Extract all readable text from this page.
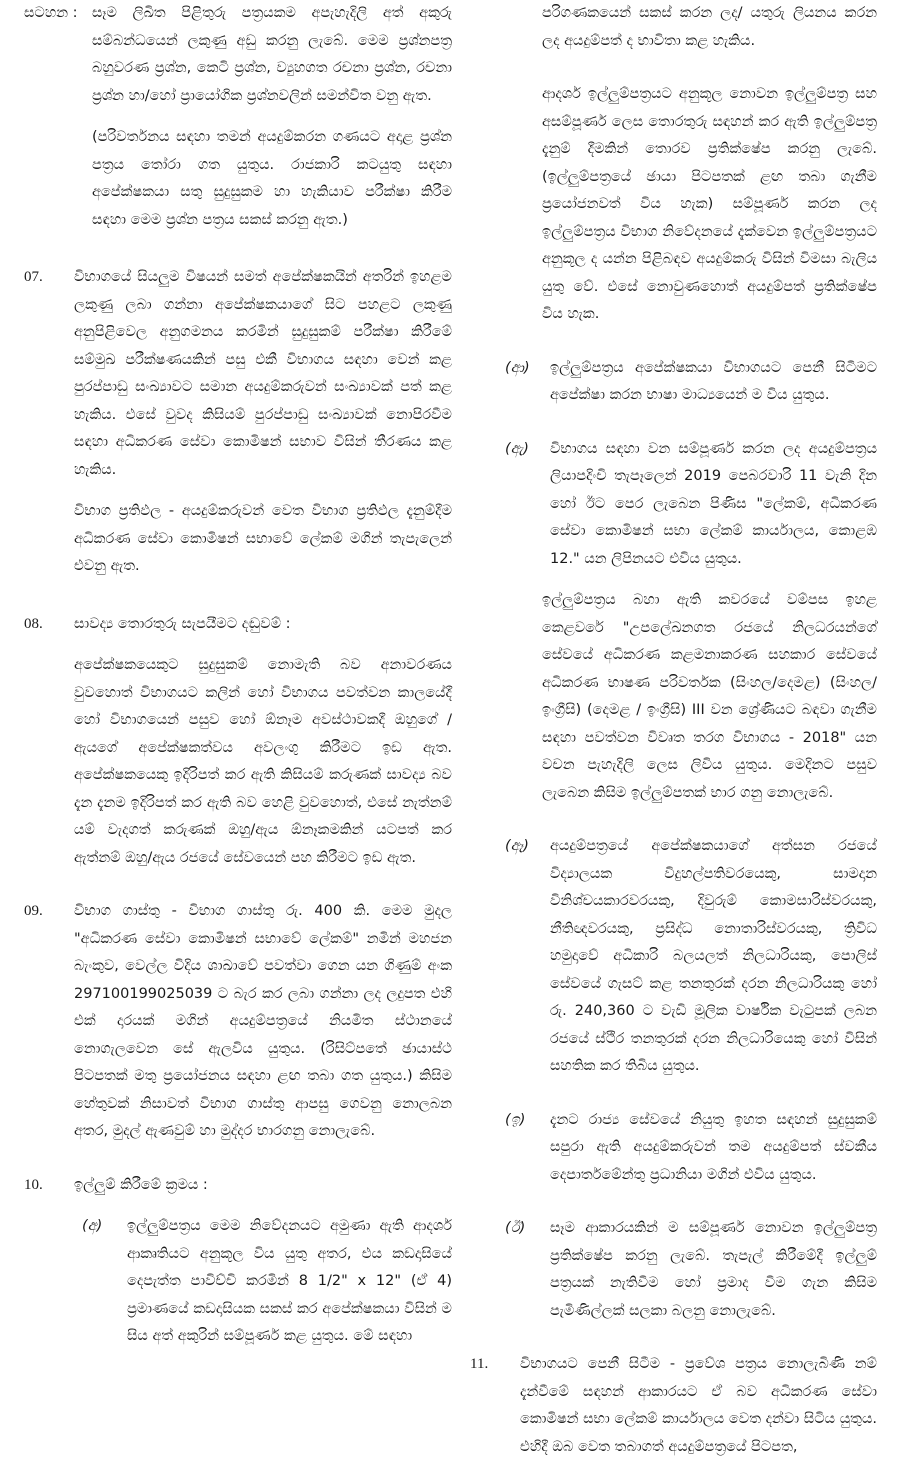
සටහන : සෑම ලිඛිත පිළිතුරු පත්‍රයකම අපැහැදිලි අත් අකුරු සම්බන්ධයෙන් ලකුණු අඩු කරනු ලැබේ. මෙම ප්‍රශ්නපත්‍ර බහුවරණ ප්‍රශ්න, කෙටි ප්‍රශ්න, ව්‍යුහගත රචනා ප්‍රශ්න, රචනා ප්‍රශ්න හා/හෝ ප්‍රායෝගික ප්‍රශ්නවලින් සමන්විත වනු ඇත.

(පරිවර්තනය සඳහා තමන් අයදුම්කරන ගණයට අදාළ ප්‍රශ්න පත්‍රය තෝරා ගත යුතුය. රාජකාරි කටයුතු සඳහා අපේක්ෂකයා සතු සුදුසුකම හා හැකියාව පරීක්ෂා කිරීම සඳහා මෙම ප්‍රශ්න පත්‍රය සකස් කරනු ඇත.)

07.	විභාගයේ සියලුම විෂයන් සමත් අපේක්ෂකයින් අතරින් ඉහළම ලකුණු ලබා ගන්නා අපේක්ෂකයාගේ සිට පහළට ලකුණු අනුපිළිවෙල අනුගමනය කරමින් සුදුසුකම් පරීක්ෂා කිරීමේ සම්මුඛ පරීක්ෂණයකින් පසු එකී විභාගය සඳහා වෙන් කළ පුරප්පාඩු සංඛ්‍යාවට සමාන අයදුම්කරුවන් සංඛ්‍යාවක් පත් කළ හැකිය. එසේ වුවද කිසියම් පුරප්පාඩු සංඛ්‍යාවක් නොපිරවීම සඳහා අධිකරණ සේවා කොමිෂන් සභාව විසින් තීරණය කළ හැකිය.

විභාග ප්‍රතිඵල - අයදුම්කරුවන් වෙත විභාග ප්‍රතිඵල දැනුම්දීම අධිකරණ සේවා කොමිෂන් සභාවේ ලේකම් මගින් තැපැලෙන් එවනු ඇත.

08.	සාවද්‍ය තොරතුරු සැපයීමට දඬුවම් :

අපේක්ෂකයෙකුට සුදුසුකම් නොමැති බව අනාවරණය වුවහොත් විභාගයට කලින් හෝ විභාගය පවත්වන කාලයේදී හෝ විභාගයෙන් පසුව හෝ ඕනෑම අවස්ථාවකදී ඔහුගේ /ඇයගේ අපේක්ෂකත්වය අවලංගු කිරීමට ඉඩ ඇත. අපේක්ෂකයෙකු ඉදිරිපත් කර ඇති කිසියම් කරුණක් සාවද්‍ය බව දැන දැනම ඉදිරිපත් කර ඇති බව හෙළි වුවහොත්, එසේ නැත්නම් යම් වැදගත් කරුණක් ඔහු/ඇය ඕනෑකමකින් යටපත් කර ඇත්නම් ඔහු/ඇය රජයේ සේවයෙන් පහ කිරීමට ඉඩ ඇත.

09.	විභාග ගාස්තු - විභාග ගාස්තු රු. 400 කි. මෙම මුදල "අධිකරණ සේවා කොමිෂන් සභාවේ ලේකම්" නමින් මහජන බැංකුව, වෙල්ල විදිය ශාඛාවේ පවත්වා ගෙන යන ගිණුම් අංක 297100199025039 ට බැර කර ලබා ගන්නා ලද ලදුපත එහි එක් දාරයක් මගින් අයදුම්පත්‍රයේ නියමිත ස්ථානයේ නොගැලවෙන සේ ඇලවිය යුතුය. (රිසිට්පතේ ඡායාස්ථ පිටපතක් මතු ප්‍රයෝජනය සඳහා ළඟ තබා ගත යුතුය.) කිසිම හේතුවක් නිසාවත් විභාග ගාස්තු ආපසු ගෙවනු නොලබන අතර, මුදල් ඇණවුම් හා මුද්දර භාරගනු නොලැබේ.
10.	ඉල්ලුම් කිරීමේ ක්‍රමය :
(අ)	ඉල්ලුම්පත්‍රය මෙම නිවේදනයට අමුණා ඇති ආදර්ශ ආකෘතියට අනුකූල විය යුතු අතර, එය කඩදාසියේ දෙපැත්ත පාවිච්චි කරමින් 8 1/2" x 12" (ඒ 4) ප්‍රමාණයේ කඩදාසියක සකස් කර අපේක්ෂකයා විසින් ම සිය අත් අකුරින් සම්පූර්ණ කළ යුතුය. මේ සඳහා

පරිගණකයෙන් සකස් කරන ලද/ යතුරු ලියනය කරන ලද අයදුම්පත් ද භාවිතා කළ හැකිය.

ආදර්ශ ඉල්ලුම්පත්‍රයට අනුකූල නොවන ඉල්ලුම්පත්‍ර සහ අසම්පූර්ණ ලෙස තොරතුරු සඳහන් කර ඇති ඉල්ලුම්පත්‍ර දැනුම් දීමකින් තොරව ප්‍රතික්ෂේප කරනු ලැබේ. (ඉල්ලුම්පත්‍රයේ ඡායා පිටපතක් ළඟ තබා ගැනීම ප්‍රයෝජනවත් විය හැක) සම්පූර්ණ කරන ලද ඉල්ලුම්පත්‍රය විභාග නිවේදනයේ දැක්වෙන ඉල්ලුම්පත්‍රයට අනුකූල ද යන්න පිළිබඳව අයදුම්කරු විසින් විමසා බැලිය යුතු වේ. එසේ නොවුණහොත් අයදුම්පත් ප්‍රතික්ෂේප විය හැක.

(ආ)	ඉල්ලුම්පත්‍රය අපේක්ෂකයා විභාගයට පෙනී සිටීමට අපේක්ෂා කරන භාෂා මාධ්‍යයෙන් ම විය යුතුය.
(ඇ)	විභාගය සඳහා වන සම්පූර්ණ කරන ලද අයදුම්පත්‍රය ලියාපදිංචි තැපෑලෙන් 2019 පෙබරවාරි 11 වැනි දින හෝ ඊට පෙර ලැබෙන පිණිස "ලේකම්, අධිකරණ සේවා කොමිෂන් සභා ලේකම් කාර්යාලය, කොළඹ 12." යන ලිපිනයට එවිය යුතුය.

ඉල්ලුම්පත්‍රය බහා ඇති කවරයේ වම්පස ඉහළ කෙළවරේ "උපලේඛනගත රජයේ නිලධරයන්ගේ සේවයේ අධිකරණ කළමනාකරණ සහකාර සේවයේ අධිකරණ භාෂණ පරිවර්තක (සිංහල/දෙමළ) (සිංහල/ ඉංග්‍රීසි) (දෙමළ / ඉංග්‍රීසි) III වන ශ්‍රේණියට බඳවා ගැනීම සඳහා පවත්වන විවෘත තරග විභාගය - 2018" යන වචන පැහැදිලි ලෙස ලිවිය යුතුය. මෙදිනට පසුව ලැබෙන කිසිම ඉල්ලුම්පතක් භාර ගනු නොලැබේ.

(ඈ)	අයදුම්පත්‍රයේ අපේක්ෂකයාගේ අත්සන රජයේ විද්‍යාලයක විදුහල්පතිවරයෙකු, සාමදාන විනිශ්චයකාරවරයකු, දිවුරුම් කොමසාරිස්වරයකු, නීතිඥවරයකු, ප්‍රසිද්ධ නොතාරිස්වරයකු, ත්‍රිවිධ හමුදාවේ අධිකාරි බලයලත් නිලධාරියකු, පොලිස් සේවයේ ගැසට් කළ තනතුරක් දරන නිලධාරියකු හෝ රු. 240,360 ට වැඩි මූලික වාර්ෂික වැටුපක් ලබන රජයේ ස්ථිර තනතුරක් දරන නිලධාරියෙකු හෝ විසින් සහතික කර තිබිය යුතුය.
(ඉ)	දැනට රාජ්‍ය සේවයේ නියුතු ඉහත සඳහන් සුදුසුකම් සපුරා ඇති අයදුම්කරුවන් තම අයදුම්පත් ස්වකීය දෙපාර්තමේන්තු ප්‍රධානියා මගින් එවිය යුතුය.
(ඊ)	සෑම ආකාරයකින් ම සම්පූර්ණ නොවන ඉල්ලුම්පත්‍ර ප්‍රතික්ෂේප කරනු ලැබේ. තැපැල් කිරීමේදී ඉල්ලුම් පත්‍රයක් නැතිවීම හෝ ප්‍රමාද වීම ගැන කිසිම පැමිණිල්ලක් සලකා බලනු නොලැබේ.
11.	විභාගයට පෙනී සිටීම - ප්‍රවේශ පත්‍රය නොලැබිණි නම් දැන්වීමේ සඳහන් ආකාරයට ඒ බව අධිකරණ සේවා කොමිෂන් සභා ලේකම් කාර්යාලය වෙත දන්වා සිටිය යුතුය. එහිදී ඔබ වෙත තබාගත් අයදුම්පත්‍රයේ පිටපත,
